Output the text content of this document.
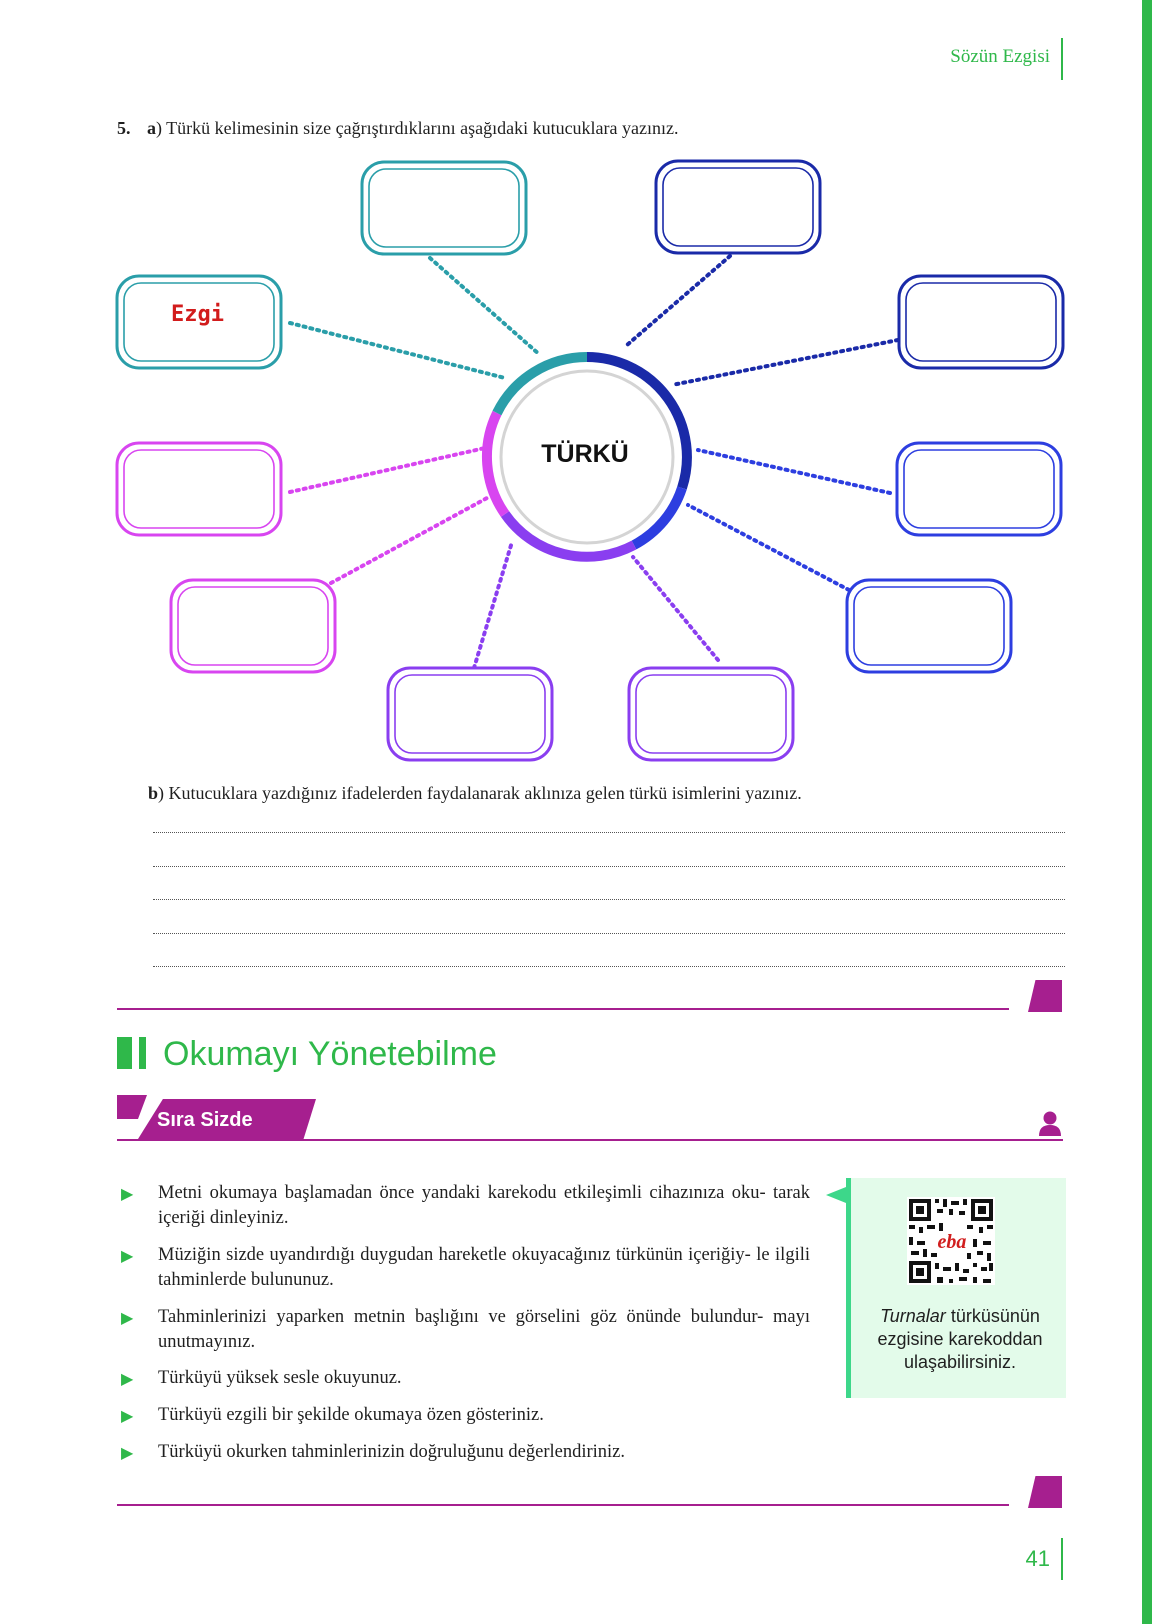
Sözün Ezgisi
5. a) Türkü kelimesinin size çağrıştırdıklarını aşağıdaki kutucuklara yazınız.
TÜRKÜ
Ezgi
b) Kutucuklara yazdığınız ifadelerden faydalanarak aklınıza gelen türkü isimlerini yazınız.
Okumayı Yönetebilme
Sıra Sizde
▶ Metni okumaya başlamadan önce yandaki karekodu etkileşimli cihazınıza oku- tarak içeriği dinleyiniz.
▶ Müziğin sizde uyandırdığı duygudan hareketle okuyacağınız türkünün içeriğiy- le ilgili tahminlerde bulununuz.
▶ Tahminlerinizi yaparken metnin başlığını ve görselini göz önünde bulundur- mayı unutmayınız.
▶ Türküyü yüksek sesle okuyunuz.
▶ Türküyü ezgili bir şekilde okumaya özen gösteriniz.
▶ Türküyü okurken tahminlerinizin doğruluğunu değerlendiriniz.
eba
Turnalar türküsünün ezgisine karekoddan ulaşabilirsiniz.
41
